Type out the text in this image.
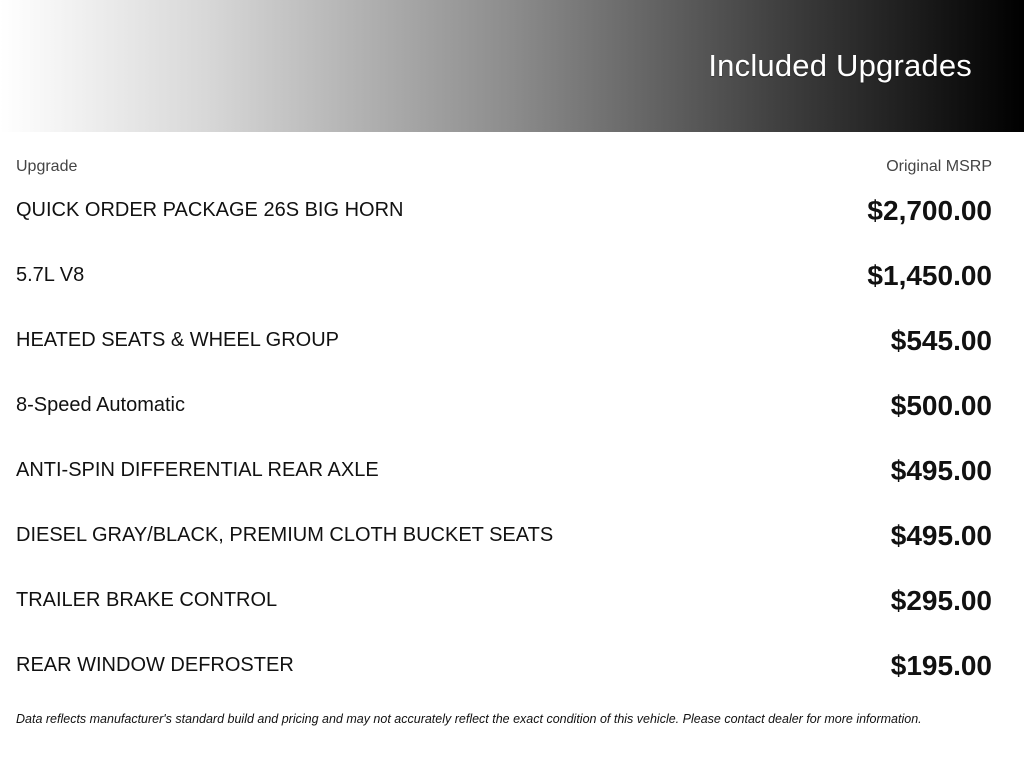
Included Upgrades
Upgrade	Original MSRP
QUICK ORDER PACKAGE 26S BIG HORN	$2,700.00
5.7L V8	$1,450.00
HEATED SEATS & WHEEL GROUP	$545.00
8-Speed Automatic	$500.00
ANTI-SPIN DIFFERENTIAL REAR AXLE	$495.00
DIESEL GRAY/BLACK, PREMIUM CLOTH BUCKET SEATS	$495.00
TRAILER BRAKE CONTROL	$295.00
REAR WINDOW DEFROSTER	$195.00
Data reflects manufacturer's standard build and pricing and may not accurately reflect the exact condition of this vehicle. Please contact dealer for more information.
